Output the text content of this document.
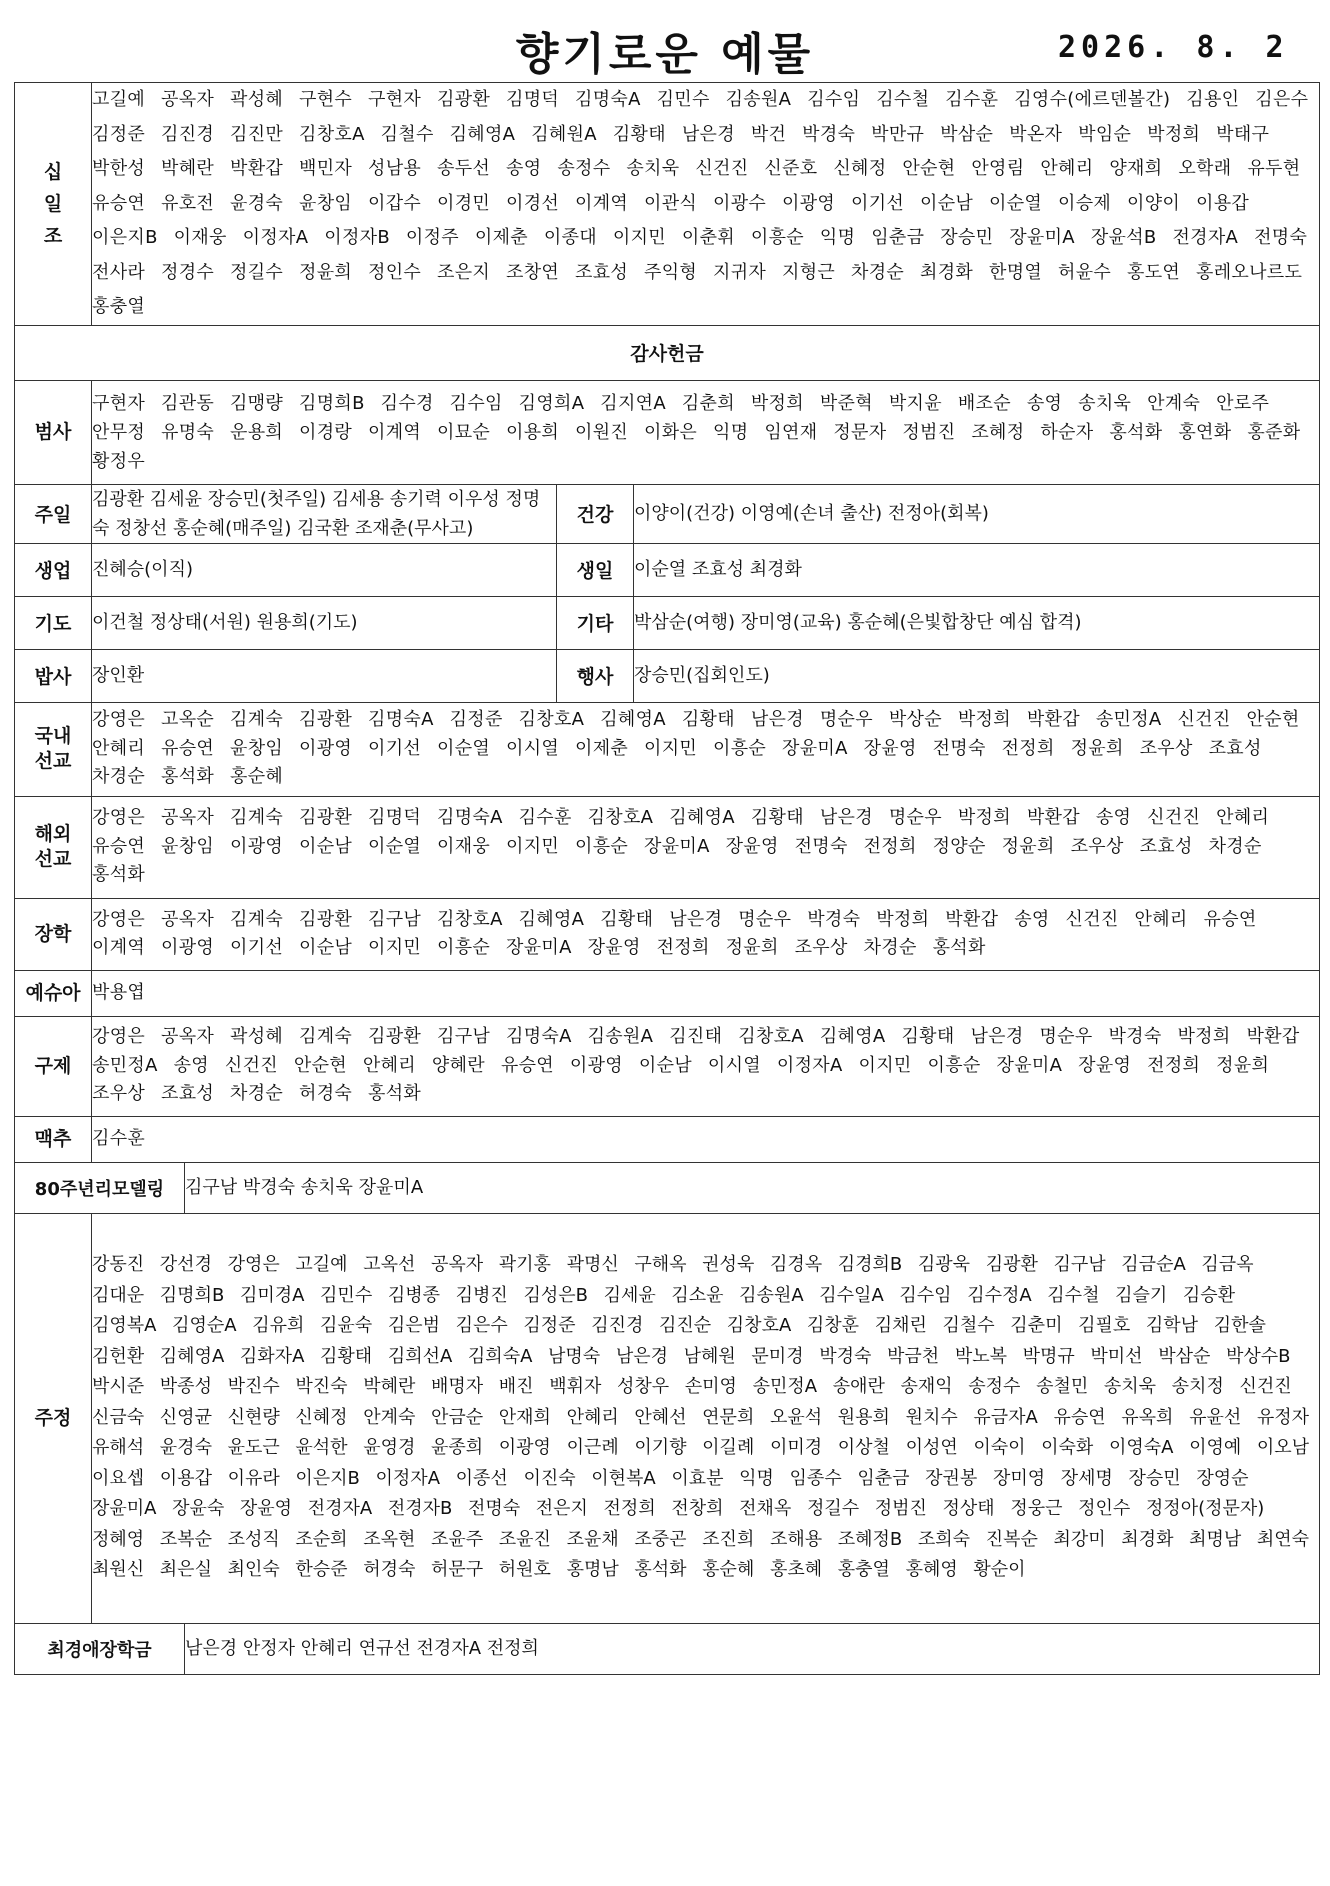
향기로운 예물	2026. 8. 2
십일조	고길예 공옥자 곽성혜 구현수 구현자 김광환 김명덕 김명숙A 김민수 김송원A 김수임 김수철 김수훈 김영수(에르덴볼간) 김용인 김은수 김정준 김진경 김진만 김창호A 김철수 김혜영A 김혜원A 김황태 남은경 박건 박경숙 박만규 박삼순 박온자 박임순 박정희 박태구 박한성 박혜란 박환갑 백민자 성남용 송두선 송영 송정수 송치욱 신건진 신준호 신혜정 안순현 안영림 안혜리 양재희 오학래 유두현 유승연 유호전 윤경숙 윤창임 이갑수 이경민 이경선 이계역 이관식 이광수 이광영 이기선 이순남 이순열 이승제 이양이 이용갑 이은지B 이재웅 이정자A 이정자B 이정주 이제춘 이종대 이지민 이춘휘 이흥순 익명 임춘금 장승민 장윤미A 장윤석B 전경자A 전명숙 전사라 정경수 정길수 정윤희 정인수 조은지 조창연 조효성 주익형 지귀자 지형근 차경순 최경화 한명열 허윤수 홍도연 홍레오나르도 홍충열
감사헌금
범사	구현자 김관동 김맹량 김명희B 김수경 김수임 김영희A 김지연A 김춘희 박정희 박준혁 박지윤 배조순 송영 송치욱 안계숙 안로주 안무정 유명숙 운용희 이경랑 이계역 이묘순 이용희 이원진 이화은 익명 임연재 정문자 정범진 조혜정 하순자 홍석화 홍연화 홍준화 황정우

주일	김광환 김세윤 장승민(첫주일) 김세용 송기력 이우성 정명숙 정창선 홍순혜(매주일) 김국환 조재춘(무사고)	건강	이양이(건강) 이영예(손녀 출산) 전정아(회복)

생업	진혜승(이직)	생일	이순열 조효성 최경화

기도	이건철 정상태(서원) 원용희(기도)	기타	박삼순(여행) 장미영(교육) 홍순혜(은빛합창단 예심 합격)

밥사	장인환	행사	장승민(집회인도)

국내 선교	강영은 고옥순 김계숙 김광환 김명숙A 김정준 김창호A 김혜영A 김황태 남은경 명순우 박상순 박정희 박환갑 송민정A 신건진 안순현 안혜리 유승연 윤창임 이광영 이기선 이순열 이시열 이제춘 이지민 이흥순 장윤미A 장윤영 전명숙 전정희 정윤희 조우상 조효성 차경순 홍석화 홍순혜
해외 선교	강영은 공옥자 김계숙 김광환 김명덕 김명숙A 김수훈 김창호A 김혜영A 김황태 남은경 명순우 박정희 박환갑 송영 신건진 안혜리 유승연 윤창임 이광영 이순남 이순열 이재웅 이지민 이흥순 장윤미A 장윤영 전명숙 전정희 정양순 정윤희 조우상 조효성 차경순 홍석화
장학	강영은 공옥자 김계숙 김광환 김구남 김창호A 김혜영A 김황태 남은경 명순우 박경숙 박정희 박환갑 송영 신건진 안혜리 유승연 이계역 이광영 이기선 이순남 이지민 이흥순 장윤미A 장윤영 전정희 정윤희 조우상 차경순 홍석화
예슈아	박용엽
구제	강영은 공옥자 곽성혜 김계숙 김광환 김구남 김명숙A 김송원A 김진태 김창호A 김혜영A 김황태 남은경 명순우 박경숙 박정희 박환갑 송민정A 송영 신건진 안순현 안혜리 양혜란 유승연 이광영 이순남 이시열 이정자A 이지민 이흥순 장윤미A 장윤영 전정희 정윤희 조우상 조효성 차경순 허경숙 홍석화
맥추	김수훈

80주년리모델링	김구남 박경숙 송치욱 장윤미A

주정	강동진 강선경 강영은 고길예 고옥선 공옥자 곽기홍 곽명신 구해옥 권성욱 김경옥 김경희B 김광욱 김광환 김구남 김금순A 김금옥 김대운 김명희B 김미경A 김민수 김병종 김병진 김성은B 김세윤 김소윤 김송원A 김수일A 김수임 김수정A 김수철 김슬기 김승환 김영복A 김영순A 김유희 김윤숙 김은범 김은수 김정준 김진경 김진순 김창호A 김창훈 김채린 김철수 김춘미 김필호 김학남 김한솔 김헌환 김혜영A 김화자A 김황태 김희선A 김희숙A 남명숙 남은경 남혜원 문미경 박경숙 박금천 박노복 박명규 박미선 박삼순 박상수B 박시준 박종성 박진수 박진숙 박혜란 배명자 배진 백휘자 성창우 손미영 송민정A 송애란 송재익 송정수 송철민 송치욱 송치정 신건진 신금숙 신영균 신현량 신혜정 안계숙 안금순 안재희 안혜리 안혜선 연문희 오윤석 원용희 원치수 유금자A 유승연 유옥희 유윤선 유정자 유해석 윤경숙 윤도근 윤석한 윤영경 윤종희 이광영 이근례 이기향 이길례 이미경 이상철 이성연 이숙이 이숙화 이영숙A 이영예 이오남 이요셉 이용갑 이유라 이은지B 이정자A 이종선 이진숙 이현복A 이효분 익명 임종수 임춘금 장권봉 장미영 장세명 장승민 장영순 장윤미A 장윤숙 장윤영 전경자A 전경자B 전명숙 전은지 전정희 전창희 전채옥 정길수 정범진 정상태 정웅근 정인수 정정아(정문자) 정혜영 조복순 조성직 조순희 조옥현 조윤주 조윤진 조윤채 조중곤 조진희 조해용 조혜정B 조희숙 진복순 최강미 최경화 최명남 최연숙 최원신 최은실 최인숙 한승준 허경숙 허문구 허원호 홍명남 홍석화 홍순혜 홍초혜 홍충열 홍혜영 황순이

최경애장학금	남은경 안정자 안혜리 연규선 전경자A 전정희
